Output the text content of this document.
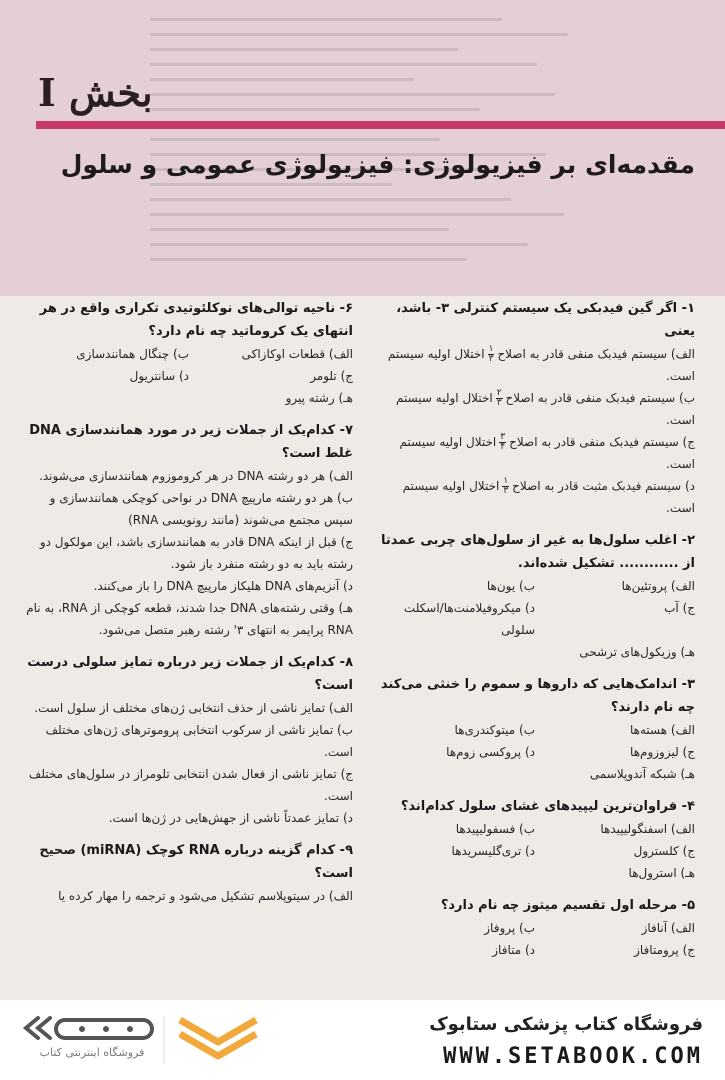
بخش I
مقدمه‌ای بر فیزیولوژی: فیزیولوژی عمومی و سلول
۱- اگر گین فیدبکی یک سیستم کنترلی ۳- باشد، یعنی
الف) سیستم فیدبک منفی قادر به اصلاح
$\frac{۱}{۳}$
اختلال اولیه سیستم است.
ب) سیستم فیدبک منفی قادر به اصلاح
$\frac{۲}{۳}$
اختلال اولیه سیستم است.
ج) سیستم فیدبک منفی قادر به اصلاح
$\frac{۳}{۴}$
اختلال اولیه سیستم است.
د) سیستم فیدبک مثبت قادر به اصلاح
$\frac{۱}{۳}$
اختلال اولیه سیستم است.
۲- اغلب سلول‌ها به غیر از سلول‌های چربی عمدتا از ............ تشکیل شده‌اند.
الف) پروتئین‌ها
ب) یون‌ها
ج) آب
د) میکروفیلامنت‌ها/اسکلت سلولی
هـ) وزیکول‌های ترشحی
۳- اندامک‌هایی که داروها و سموم را خنثی می‌کند چه نام دارند؟
الف) هسته‌ها
ب) میتوکندری‌ها
ج) لیزوزوم‌ها
د) پروکسی زوم‌ها
هـ) شبکه آندوپلاسمی
۴- فراوان‌ترین لیپیدهای غشای سلول کدام‌اند؟
الف) اسفنگولیپیدها
ب) فسفولیپیدها
ج) کلسترول
د) تری‌گلیسریدها
هـ) استرول‌ها
۵- مرحله اول تقسیم میتوز چه نام دارد؟
الف) آنافاز
ب) پروفاز
ج) پرومتافاز
د) متافاز
۶- ناحیه توالی‌های نوکلئوتیدی تکراری واقع در هر انتهای یک کروماتید چه نام دارد؟
الف) قطعات اوکازاکی
ب) چنگال همانندسازی
ج) تلومر
د) سانتریول
هـ) رشته پیرو
۷- کدام‌یک از جملات زیر در مورد همانندسازی DNA غلط است؟
الف) هر دو رشته DNA در هر کروموزوم همانندسازی می‌شوند.
ب) هر دو رشته مارپیچ DNA در نواحی کوچکی همانندسازی و سپس مجتمع می‌شوند (مانند رونویسی RNA)
ج) قبل از اینکه DNA قادر به همانندسازی باشد، این مولکول دو رشته باید به دو رشته منفرد باز شود.
د) آنزیم‌های DNA هلیکاز مارپیچ DNA را باز می‌کنند.
هـ) وقتی رشته‌های DNA جدا شدند، قطعه کوچکی از RNA، به نام RNA پرایمر به انتهای ۳' رشته رهبر متصل می‌شود.
۸- کدام‌یک از جملات زیر درباره تمایز سلولی درست است؟
الف) تمایز ناشی از حذف انتخابی ژن‌های مختلف از سلول است.
ب) تمایز ناشی از سرکوب انتخابی پروموترهای ژن‌های مختلف است.
ج) تمایز ناشی از فعال شدن انتخابی تلومراز در سلول‌های مختلف است.
د) تمایز عمدتاً ناشی از جهش‌هایی در ژن‌ها است.
۹- کدام گزینه درباره RNA کوچک (miRNA) صحیح است؟
الف) در سیتوپلاسم تشکیل می‌شود و ترجمه را مهار کرده یا
فروشگاه اینترنتی کتاب
فروشگاه کتاب پزشکی ستابوک
WWW.SETABOOK.COM
